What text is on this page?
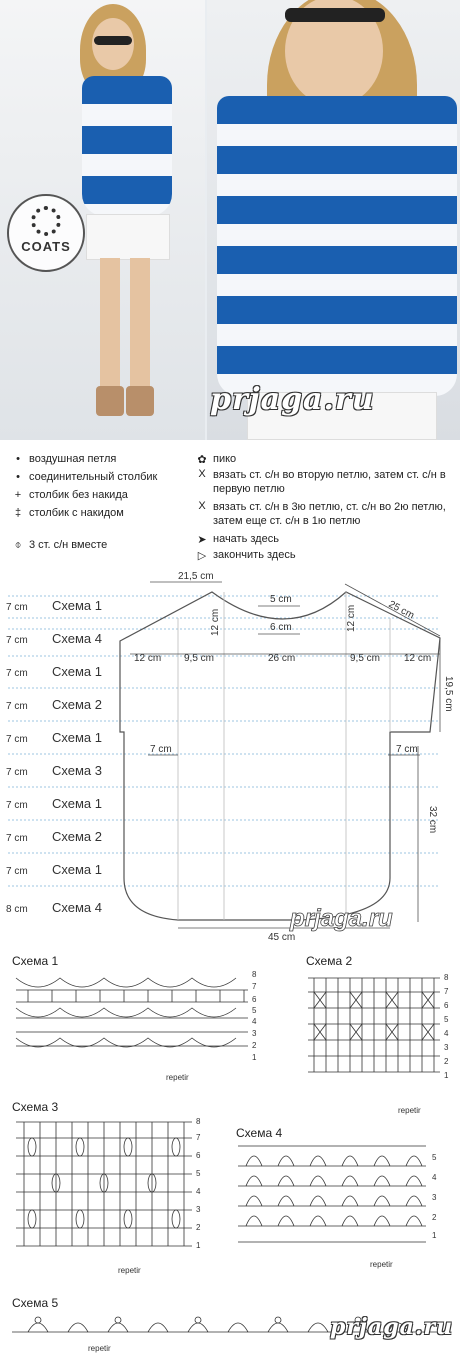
COATS
prjaga.ru
• воздушная петля
• соединительный столбик
+ столбик без накида
‡ столбик с накидом
⌽ 3 ст. с/н вместе
✿ пико
X вязать ст. с/н во вторую петлю, затем ст. с/н в первую петлю
X вязать ст. с/н в 3ю петлю, ст. с/н во 2ю петлю, затем еще ст. с/н в 1ю петлю
➤ начать здесь
▷ закончить здесь
7 cm Схема 1
7 cm Схема 4
7 cm Схема 1
7 cm Схема 2
7 cm Схема 1
7 cm Схема 3
7 cm Схема 1
7 cm Схема 2
7 cm Схема 1
8 cm Схема 4
21,5 cm
12 cm
5 cm
6 cm	12 cm	25 cm
12 cm 9,5 cm	26 cm	9,5 cm 12 cm
19,5 cm
7 cm	7 cm
32 cm
45 cm
prjaga.ru
Схема 1
8
7
6
5
4
3
2
1
repetir
Схема 2
8
7
6
5
4
3
2
1
repetir
Схема 3
8
7
6
5
4
3
2
1
repetir
Схема 4
5
4
3
2
1
repetir
Схема 5
repetir
prjaga.ru
